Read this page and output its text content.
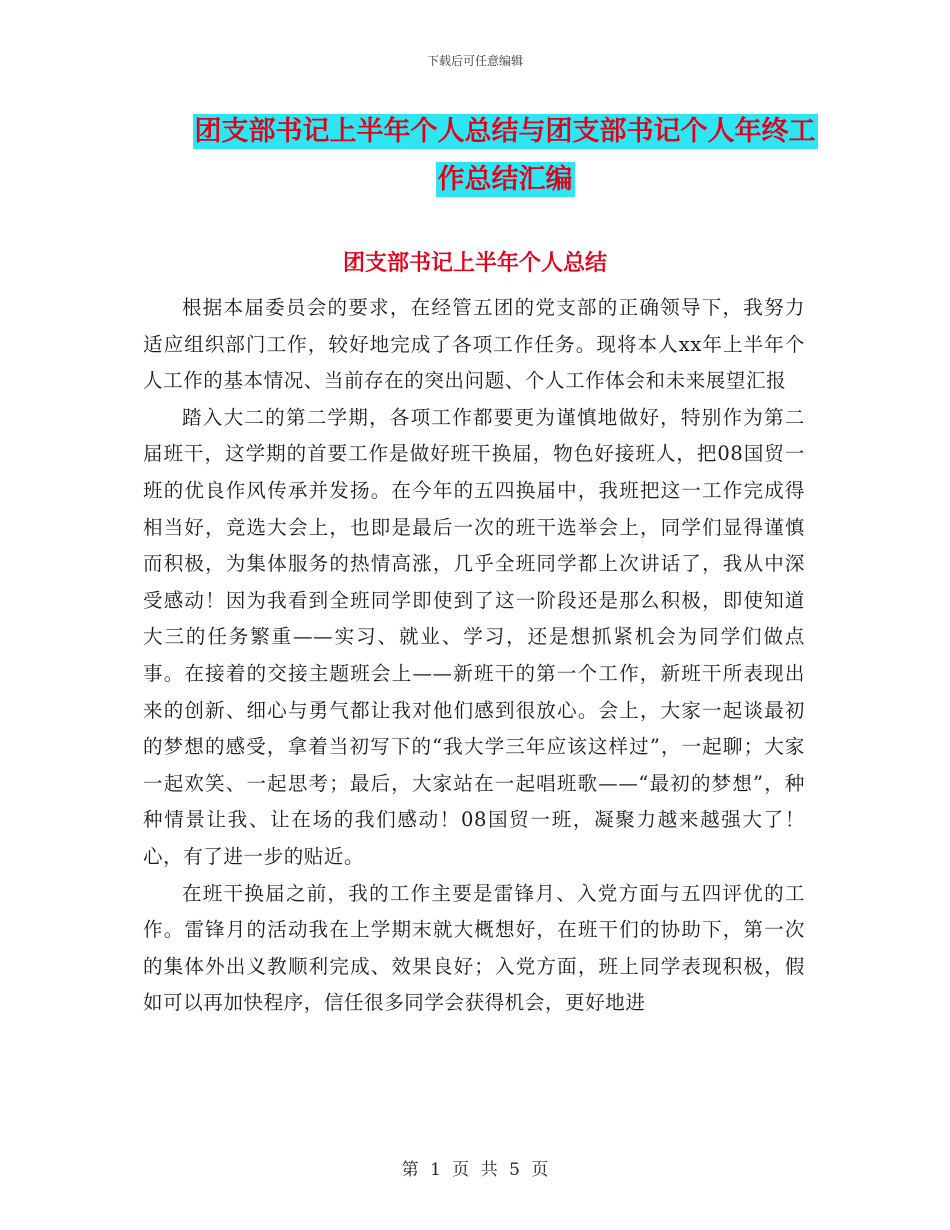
下载后可任意编辑
团支部书记上半年个人总结与团支部书记个人年终工
作总结汇编
团支部书记上半年个人总结

根据本届委员会的要求，在经管五团的党支部的正确领导下，我努力适应组织部门工作，较好地完成了各项工作任务。现将本人xx年上半年个人工作的基本情况、当前存在的突出问题、个人工作体会和未来展望汇报

踏入大二的第二学期，各项工作都要更为谨慎地做好，特别作为第二届班干，这学期的首要工作是做好班干换届，物色好接班人，把08国贸一班的优良作风传承并发扬。在今年的五四换届中，我班把这一工作完成得相当好，竞选大会上，也即是最后一次的班干选举会上，同学们显得谨慎而积极，为集体服务的热情高涨，几乎全班同学都上次讲话了，我从中深受感动！因为我看到全班同学即使到了这一阶段还是那么积极，即使知道大三的任务繁重——实习、就业、学习，还是想抓紧机会为同学们做点事。在接着的交接主题班会上——新班干的第一个工作，新班干所表现出来的创新、细心与勇气都让我对他们感到很放心。会上，大家一起谈最初的梦想的感受，拿着当初写下的“我大学三年应该这样过”，一起聊；大家一起欢笑、一起思考；最后，大家站在一起唱班歌——“最初的梦想”，种种情景让我、让在场的我们感动！08国贸一班，凝聚力越来越强大了！心，有了进一步的贴近。

在班干换届之前，我的工作主要是雷锋月、入党方面与五四评优的工作。雷锋月的活动我在上学期末就大概想好，在班干们的协助下，第一次的集体外出义教顺利完成、效果良好；入党方面，班上同学表现积极，假如可以再加快程序，信任很多同学会获得机会，更好地进

第 1 页 共 5 页
